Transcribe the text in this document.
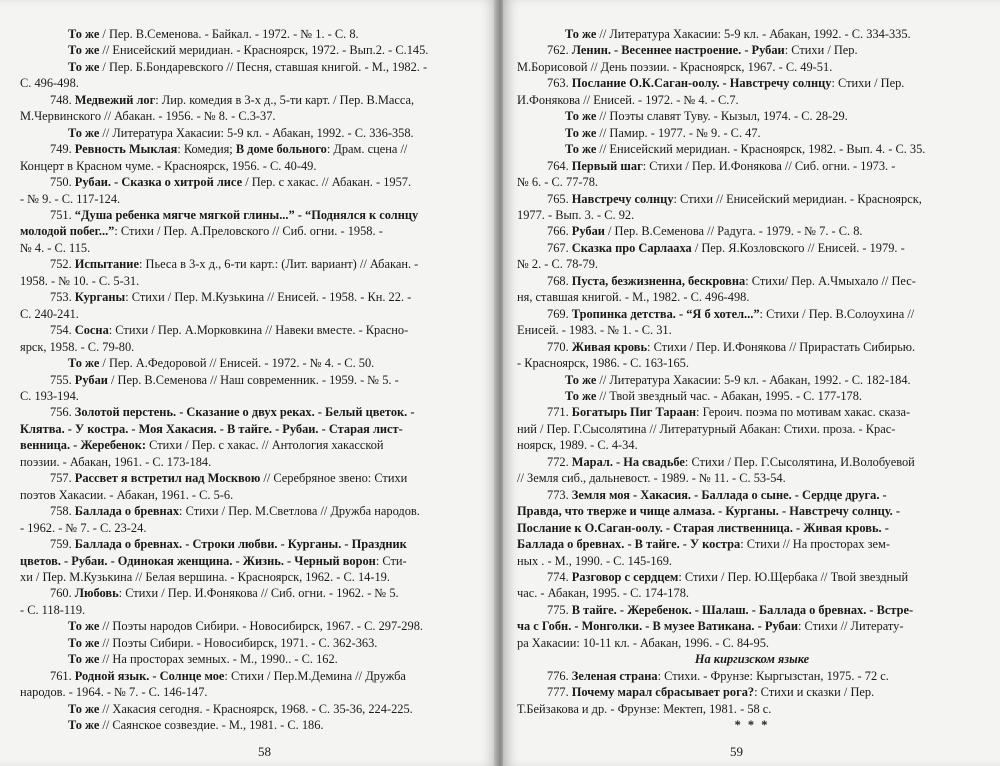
То же / Пер. В.Семенова. - Байкал. - 1972. - № 1. - С. 8.
То же // Енисейский меридиан. - Красноярск, 1972. - Вып.2. - С.145.
То же / Пер. Б.Бондаревского // Песня, ставшая книгой. - М., 1982. -
С. 496-498.
748. Медвежий лог: Лир. комедия в 3-х д., 5-ти карт. / Пер. В.Масса,
М.Червинского // Абакан. - 1956. - № 8. - С.3-37.
То же // Литература Хакасии: 5-9 кл. - Абакан, 1992. - С. 336-358.
749. Ревность Мыклая: Комедия; В доме больного: Драм. сцена //
Концерт в Красном чуме. - Красноярск, 1956. - С. 40-49.
750. Рубаи. - Сказка о хитрой лисе / Пер. с хакас. // Абакан. - 1957.
- № 9. - С. 117-124.
751. “Душа ребенка мягче мягкой глины...” - “Поднялся к солнцу
молодой побег...”: Стихи / Пер. А.Преловского // Сиб. огни. - 1958. -
№ 4. - С. 115.
752. Испытание: Пьеса в 3-х д., 6-ти карт.: (Лит. вариант) // Абакан. -
1958. - № 10. - С. 5-31.
753. Курганы: Стихи / Пер. М.Кузькина // Енисей. - 1958. - Кн. 22. -
С. 240-241.
754. Сосна: Стихи / Пер. А.Морковкина // Навеки вместе. - Красно-
ярск, 1958. - С. 79-80.
То же / Пер. А.Федоровой // Енисей. - 1972. - № 4. - С. 50.
755. Рубаи / Пер. В.Семенова // Наш современник. - 1959. - № 5. -
С. 193-194.
756. Золотой перстень. - Сказание о двух реках. - Белый цветок. -
Клятва. - У костра. - Моя Хакасия. - В тайге. - Рубаи. - Старая лист-
венница. - Жеребенок: Стихи / Пер. с хакас. // Антология хакасской
поэзии. - Абакан, 1961. - С. 173-184.
757. Рассвет я встретил над Москвою // Серебряное звено: Стихи
поэтов Хакасии. - Абакан, 1961. - С. 5-6.
758. Баллада о бревнах: Стихи / Пер. М.Светлова // Дружба народов.
- 1962. - № 7. - С. 23-24.
759. Баллада о бревнах. - Строки любви. - Курганы. - Праздник
цветов. - Рубаи. - Одинокая женщина. - Жизнь. - Черный ворон: Сти-
хи / Пер. М.Кузькина // Белая вершина. - Красноярск, 1962. - С. 14-19.
760. Любовь: Стихи / Пер. И.Фонякова // Сиб. огни. - 1962. - № 5.
- С. 118-119.
То же // Поэты народов Сибири. - Новосибирск, 1967. - С. 297-298.
То же // Поэты Сибири. - Новосибирск, 1971. - С. 362-363.
То же // На просторах земных. - М., 1990.. - С. 162.
761. Родной язык. - Солнце мое: Стихи / Пер.М.Демина // Дружба
народов. - 1964. - № 7. - С. 146-147.
То же // Хакасия сегодня. - Красноярск, 1968. - С. 35-36, 224-225.
То же // Саянское созвездие. - М., 1981. - С. 186.
58
То же // Литература Хакасии: 5-9 кл. - Абакан, 1992. - С. 334-335.
762. Ленин. - Весеннее настроение. - Рубаи: Стихи / Пер.
М.Борисовой // День поэзии. - Красноярск, 1967. - С. 49-51.
763. Послание О.К.Саган-оолу. - Навстречу солнцу: Стихи / Пер.
И.Фонякова // Енисей. - 1972. - № 4. - С.7.
То же // Поэты славят Туву. - Кызыл, 1974. - С. 28-29.
То же // Памир. - 1977. - № 9. - С. 47.
То же // Енисейский меридиан. - Красноярск, 1982. - Вып. 4. - С. 35.
764. Первый шаг: Стихи / Пер. И.Фонякова // Сиб. огни. - 1973. -
№ 6. - С. 77-78.
765. Навстречу солнцу: Стихи // Енисейский меридиан. - Красноярск,
1977. - Вып. 3. - С. 92.
766. Рубаи / Пер. В.Семенова // Радуга. - 1979. - № 7. - С. 8.
767. Сказка про Сарлааха / Пер. Я.Козловского // Енисей. - 1979. -
№ 2. - С. 78-79.
768. Пуста, безжизненна, бескровна: Стихи/ Пер. А.Чмыхало // Пес-
ня, ставшая книгой. - М., 1982. - С. 496-498.
769. Тропинка детства. - “Я б хотел...”: Стихи / Пер. В.Солоухина //
Енисей. - 1983. - № 1. - С. 31.
770. Живая кровь: Стихи / Пер. И.Фонякова // Прирастать Сибирью.
- Красноярск, 1986. - С. 163-165.
То же // Литература Хакасии: 5-9 кл. - Абакан, 1992. - С. 182-184.
То же // Твой звездный час. - Абакан, 1995. - С. 177-178.
771. Богатырь Пиг Тараан: Героич. поэма по мотивам хакас. сказа-
ний / Пер. Г.Сысолятина // Литературный Абакан: Стихи. проза. - Крас-
ноярск, 1989. - С. 4-34.
772. Марал. - На свадьбе: Стихи / Пер. Г.Сысолятина, И.Волобуевой
// Земля сиб., дальневост. - 1989. - № 11. - С. 53-54.
773. Земля моя - Хакасия. - Баллада о сыне. - Сердце друга. -
Правда, что тверже и чище алмаза. - Курганы. - Навстречу солнцу. -
Послание к О.Саган-оолу. - Старая лиственница. - Живая кровь. -
Баллада о бревнах. - В тайге. - У костра: Стихи // На просторах зем-
ных . - М., 1990. - С. 145-169.
774. Разговор с сердцем: Стихи / Пер. Ю.Щербака // Твой звездный
час. - Абакан, 1995. - С. 174-178.
775. В тайге. - Жеребенок. - Шалаш. - Баллада о бревнах. - Встре-
ча с Гобн. - Монголки. - В музее Ватикана. - Рубаи: Стихи // Литерату-
ра Хакасии: 10-11 кл. - Абакан, 1996. - С. 84-95.
На киргизском языке
776. Зеленая страна: Стихи. - Фрунзе: Кыргызстан, 1975. - 72 с.
777. Почему марал сбрасывает рога?: Стихи и сказки / Пер.
Т.Бейзакова и др. - Фрунзе: Мектеп, 1981. - 58 с.
* * *
59
